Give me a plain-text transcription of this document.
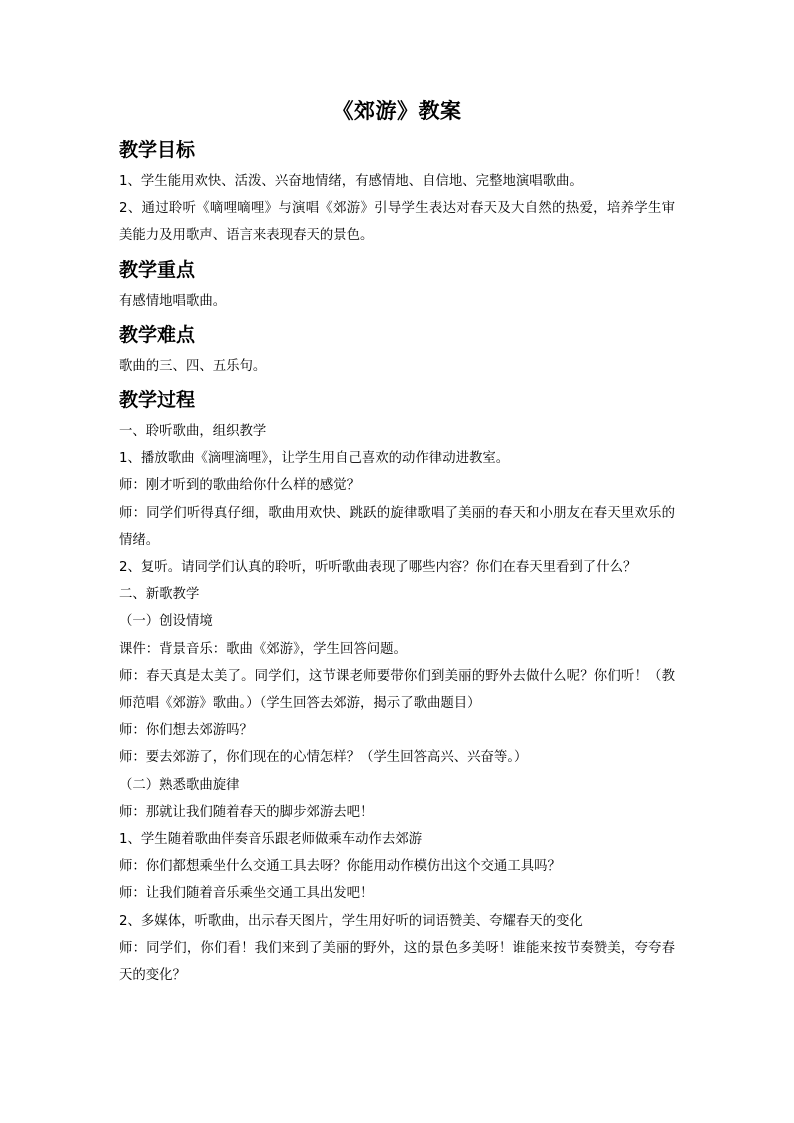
《郊游》教案
教学目标
1、学生能用欢快、活泼、兴奋地情绪，有感情地、自信地、完整地演唱歌曲。
2、通过聆听《嘀哩嘀哩》与演唱《郊游》引导学生表达对春天及大自然的热爱，培养学生审美能力及用歌声、语言来表现春天的景色。
教学重点
有感情地唱歌曲。
教学难点
歌曲的三、四、五乐句。
教学过程
一、聆听歌曲，组织教学
1、播放歌曲《滴哩滴哩》，让学生用自己喜欢的动作律动进教室。
师：刚才听到的歌曲给你什么样的感觉？
师：同学们听得真仔细，歌曲用欢快、跳跃的旋律歌唱了美丽的春天和小朋友在春天里欢乐的情绪。
2、复听。请同学们认真的聆听，听听歌曲表现了哪些内容？你们在春天里看到了什么？
二、新歌教学
（一）创设情境
课件：背景音乐：歌曲《郊游》，学生回答问题。
师：春天真是太美了。同学们，这节课老师要带你们到美丽的野外去做什么呢？你们听！（教师范唱《郊游》歌曲。）（学生回答去郊游，揭示了歌曲题目）
师：你们想去郊游吗？
师：要去郊游了，你们现在的心情怎样？（学生回答高兴、兴奋等。）
（二）熟悉歌曲旋律
师：那就让我们随着春天的脚步郊游去吧！
1、学生随着歌曲伴奏音乐跟老师做乘车动作去郊游
师：你们都想乘坐什么交通工具去呀？你能用动作模仿出这个交通工具吗？
师：让我们随着音乐乘坐交通工具出发吧！
2、多媒体，听歌曲，出示春天图片，学生用好听的词语赞美、夸耀春天的变化
师：同学们，你们看！我们来到了美丽的野外，这的景色多美呀！谁能来按节奏赞美，夸夸春天的变化？
